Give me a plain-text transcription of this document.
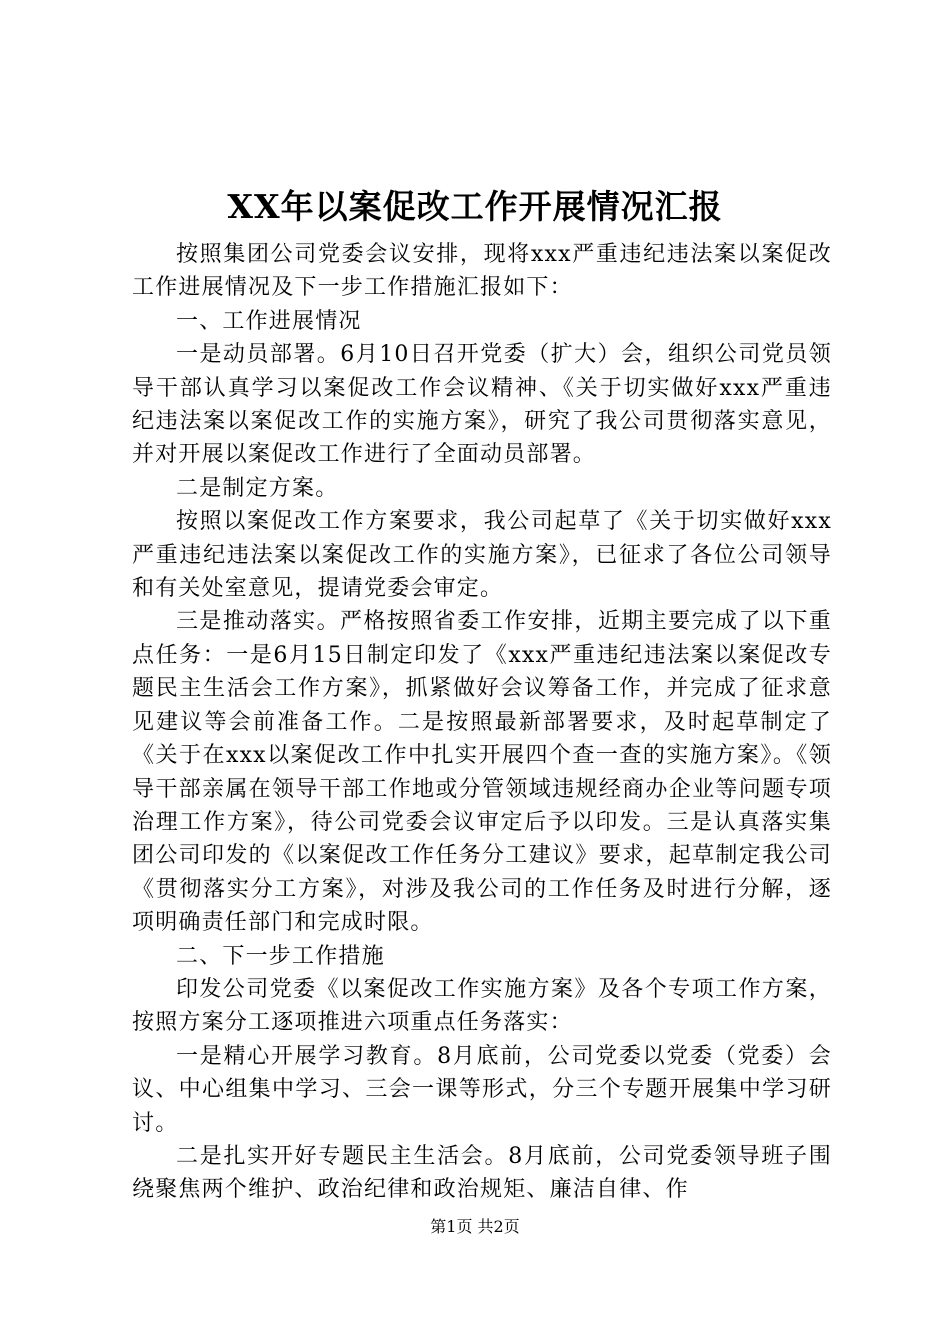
XX年以案促改工作开展情况汇报

按照集团公司党委会议安排，现将xxx严重违纪违法案以案促改工作进展情况及下一步工作措施汇报如下：

一、工作进展情况

一是动员部署。6月10日召开党委（扩大）会，组织公司党员领导干部认真学习以案促改工作会议精神、《关于切实做好xxx严重违纪违法案以案促改工作的实施方案》，研究了我公司贯彻落实意见，并对开展以案促改工作进行了全面动员部署。

二是制定方案。

按照以案促改工作方案要求，我公司起草了《关于切实做好xxx严重违纪违法案以案促改工作的实施方案》，已征求了各位公司领导和有关处室意见，提请党委会审定。

三是推动落实。严格按照省委工作安排，近期主要完成了以下重点任务：一是6月15日制定印发了《xxx严重违纪违法案以案促改专题民主生活会工作方案》，抓紧做好会议筹备工作，并完成了征求意见建议等会前准备工作。二是按照最新部署要求，及时起草制定了《关于在xxx以案促改工作中扎实开展四个查一查的实施方案》。《领导干部亲属在领导干部工作地或分管领域违规经商办企业等问题专项治理工作方案》，待公司党委会议审定后予以印发。三是认真落实集团公司印发的《以案促改工作任务分工建议》要求，起草制定我公司《贯彻落实分工方案》，对涉及我公司的工作任务及时进行分解，逐项明确责任部门和完成时限。

二、下一步工作措施

印发公司党委《以案促改工作实施方案》及各个专项工作方案，按照方案分工逐项推进六项重点任务落实：

一是精心开展学习教育。8月底前，公司党委以党委（党委）会议、中心组集中学习、三会一课等形式，分三个专题开展集中学习研讨。

二是扎实开好专题民主生活会。8月底前，公司党委领导班子围绕聚焦两个维护、政治纪律和政治规矩、廉洁自律、作

第1页 共2页
